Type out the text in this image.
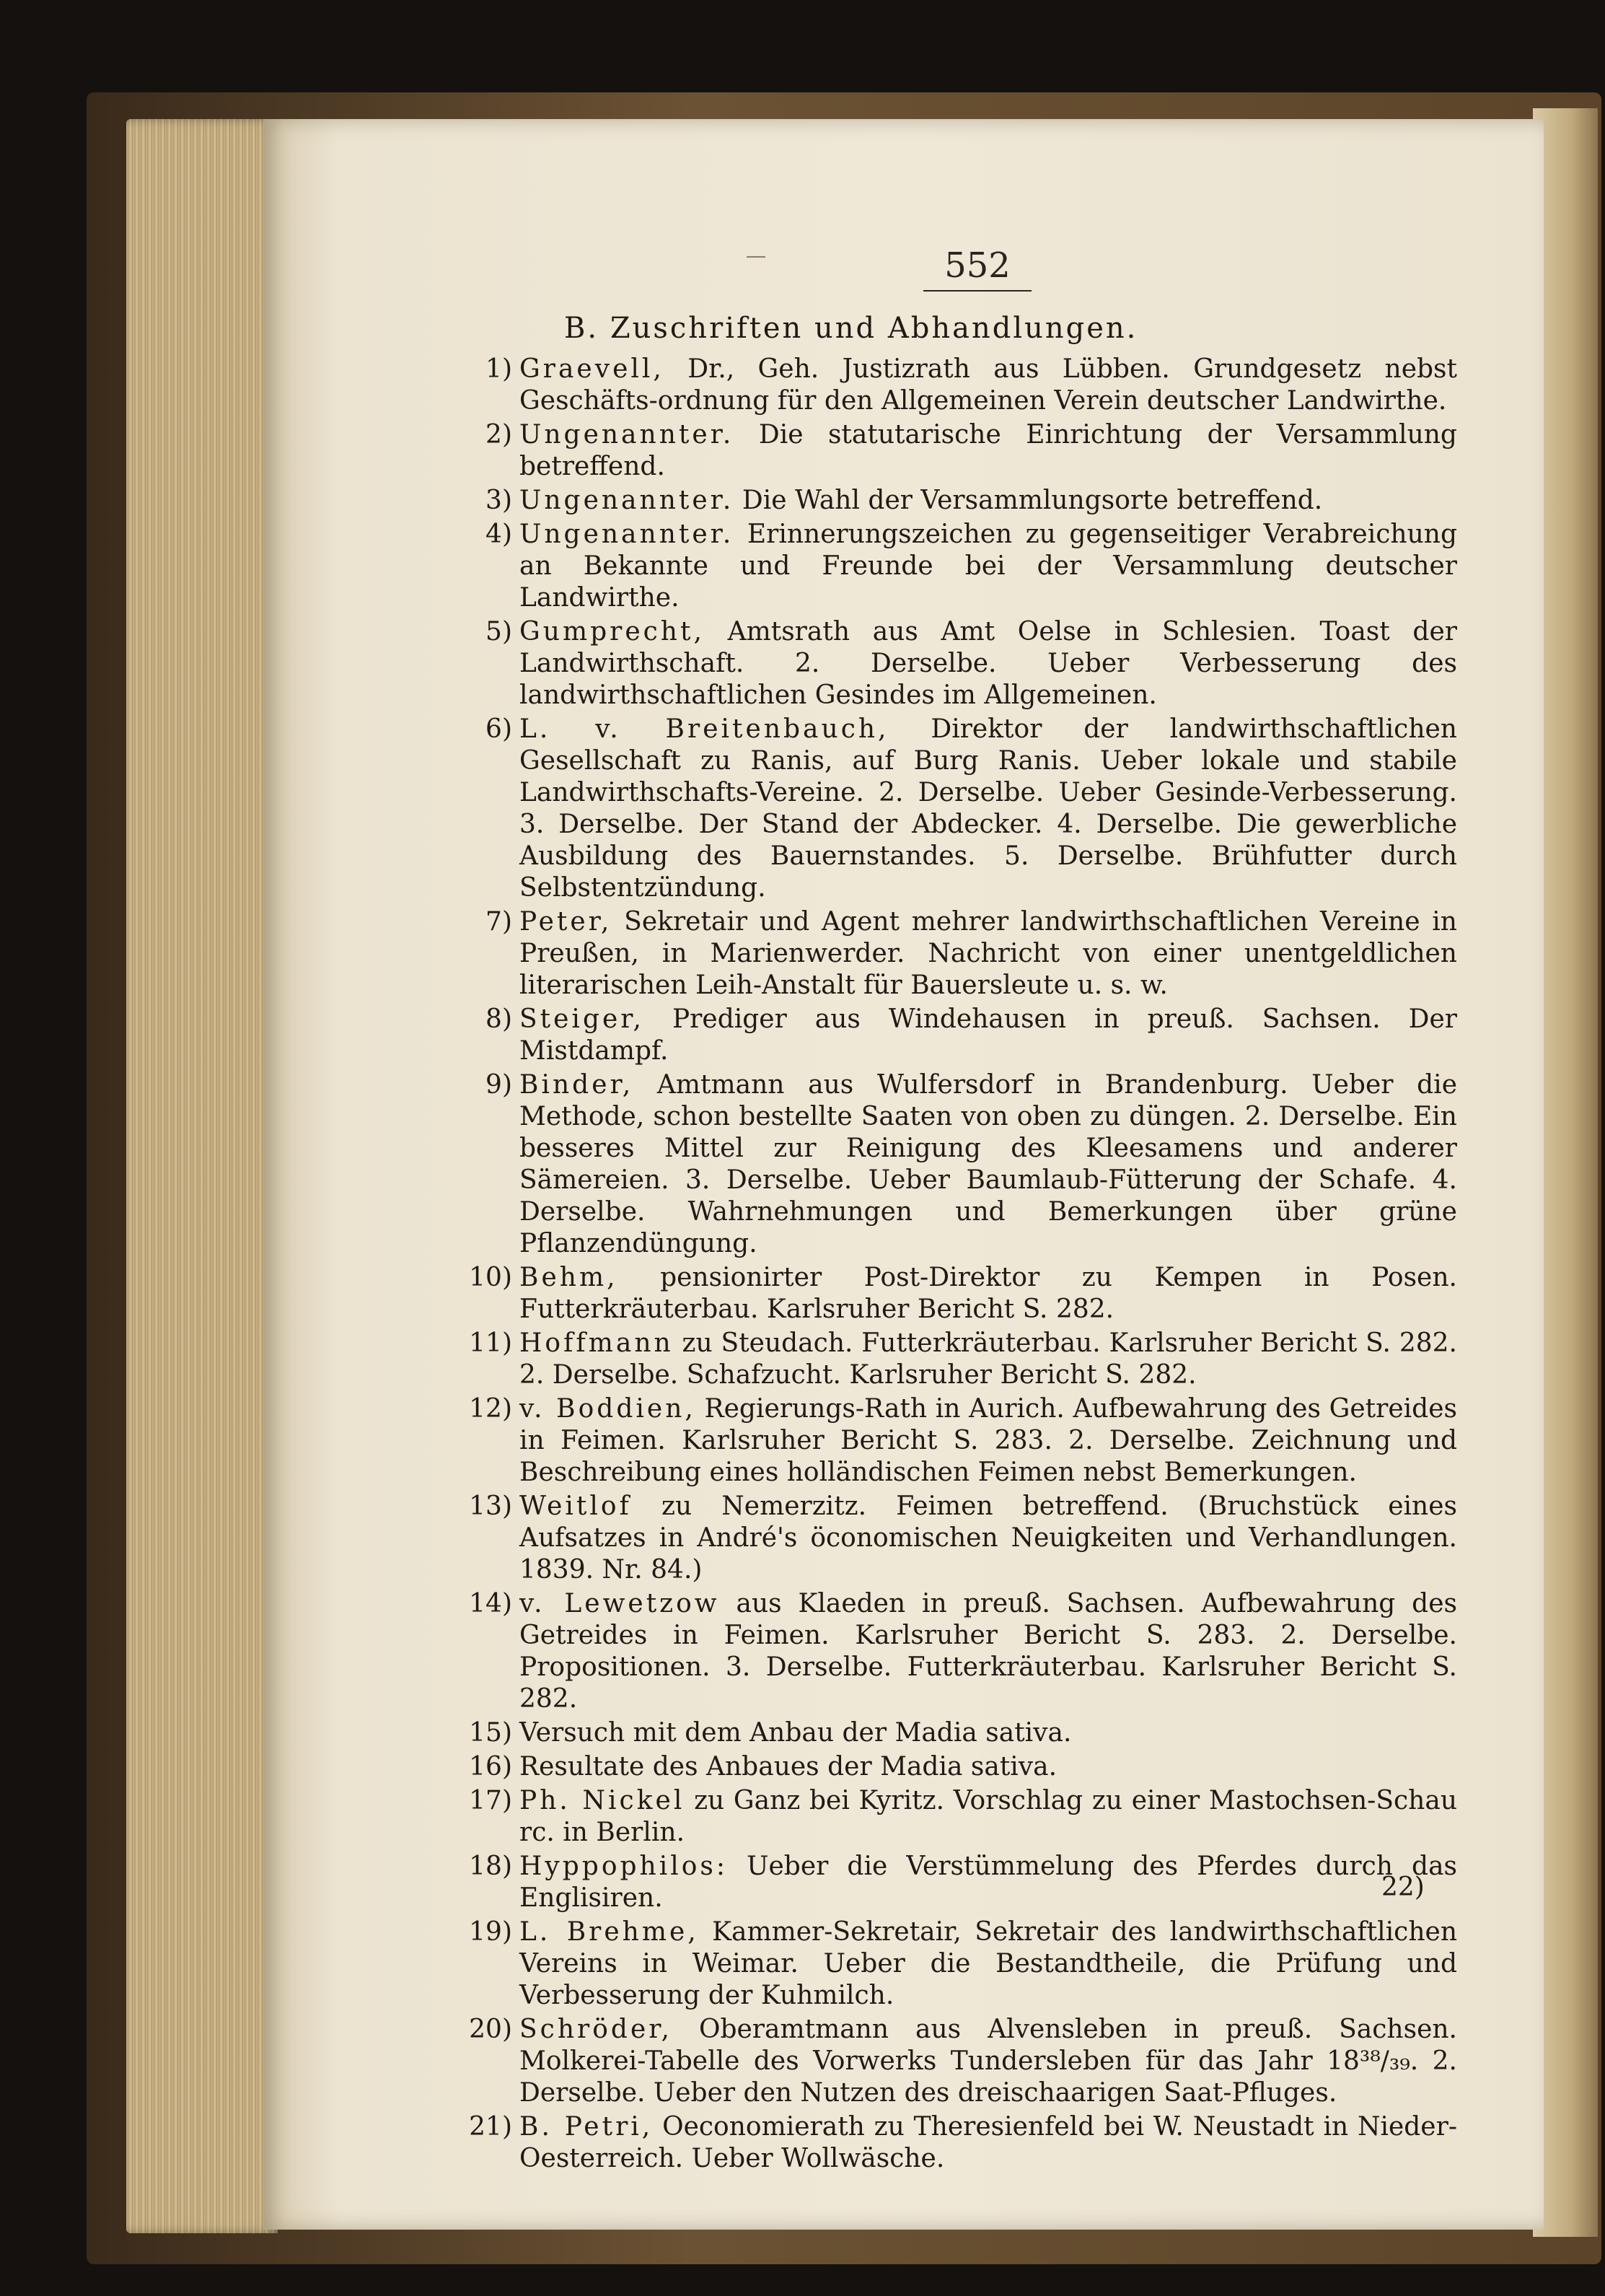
552
B. Zuschriften und Abhandlungen.
1) Graevell, Dr., Geh. Justizrath aus Lübben. Grundgesetz nebst Geschäfts-ordnung für den Allgemeinen Verein deutscher Landwirthe.
2) Ungenannter. Die statutarische Einrichtung der Versammlung betreffend.
3) Ungenannter. Die Wahl der Versammlungsorte betreffend.
4) Ungenannter. Erinnerungszeichen zu gegenseitiger Verabreichung an Bekannte und Freunde bei der Versammlung deutscher Landwirthe.
5) Gumprecht, Amtsrath aus Amt Oelse in Schlesien. Toast der Landwirthschaft. 2. Derselbe. Ueber Verbesserung des landwirthschaftlichen Gesindes im Allgemeinen.
6) L. v. Breitenbauch, Direktor der landwirthschaftlichen Gesellschaft zu Ranis, auf Burg Ranis. Ueber lokale und stabile Landwirthschafts-Vereine. 2. Derselbe. Ueber Gesinde-Verbesserung. 3. Derselbe. Der Stand der Abdecker. 4. Derselbe. Die gewerbliche Ausbildung des Bauernstandes. 5. Derselbe. Brühfutter durch Selbstentzündung.
7) Peter, Sekretair und Agent mehrer landwirthschaftlichen Vereine in Preußen, in Marienwerder. Nachricht von einer unentgeldlichen literarischen Leih-Anstalt für Bauersleute u. s. w.
8) Steiger, Prediger aus Windehausen in preuß. Sachsen. Der Mistdampf.
9) Binder, Amtmann aus Wulfersdorf in Brandenburg. Ueber die Methode, schon bestellte Saaten von oben zu düngen. 2. Derselbe. Ein besseres Mittel zur Reinigung des Kleesamens und anderer Sämereien. 3. Derselbe. Ueber Baumlaub-Fütterung der Schafe. 4. Derselbe. Wahrnehmungen und Bemerkungen über grüne Pflanzendüngung.
10) Behm, pensionirter Post-Direktor zu Kempen in Posen. Futterkräuterbau. Karlsruher Bericht S. 282.
11) Hoffmann zu Steudach. Futterkräuterbau. Karlsruher Bericht S. 282. 2. Derselbe. Schafzucht. Karlsruher Bericht S. 282.
12) v. Boddien, Regierungs-Rath in Aurich. Aufbewahrung des Getreides in Feimen. Karlsruher Bericht S. 283. 2. Derselbe. Zeichnung und Beschreibung eines holländischen Feimen nebst Bemerkungen.
13) Weitlof zu Nemerzitz. Feimen betreffend. (Bruchstück eines Aufsatzes in André's öconomischen Neuigkeiten und Verhandlungen. 1839. Nr. 84.)
14) v. Lewetzow aus Klaeden in preuß. Sachsen. Aufbewahrung des Getreides in Feimen. Karlsruher Bericht S. 283. 2. Derselbe. Propositionen. 3. Derselbe. Futterkräuterbau. Karlsruher Bericht S. 282.
15) Versuch mit dem Anbau der Madia sativa.
16) Resultate des Anbaues der Madia sativa.
17) Ph. Nickel zu Ganz bei Kyritz. Vorschlag zu einer Mastochsen-Schau rc. in Berlin.
18) Hyppophilos: Ueber die Verstümmelung des Pferdes durch das Englisiren.
19) L. Brehme, Kammer-Sekretair, Sekretair des landwirthschaftlichen Vereins in Weimar. Ueber die Bestandtheile, die Prüfung und Verbesserung der Kuhmilch.
20) Schröder, Oberamtmann aus Alvensleben in preuß. Sachsen. Molkerei-Tabelle des Vorwerks Tundersleben für das Jahr 18³⁸/₃₉. 2. Derselbe. Ueber den Nutzen des dreischaarigen Saat-Pfluges.
21) B. Petri, Oeconomierath zu Theresienfeld bei W. Neustadt in Nieder-Oesterreich. Ueber Wollwäsche.
22)
